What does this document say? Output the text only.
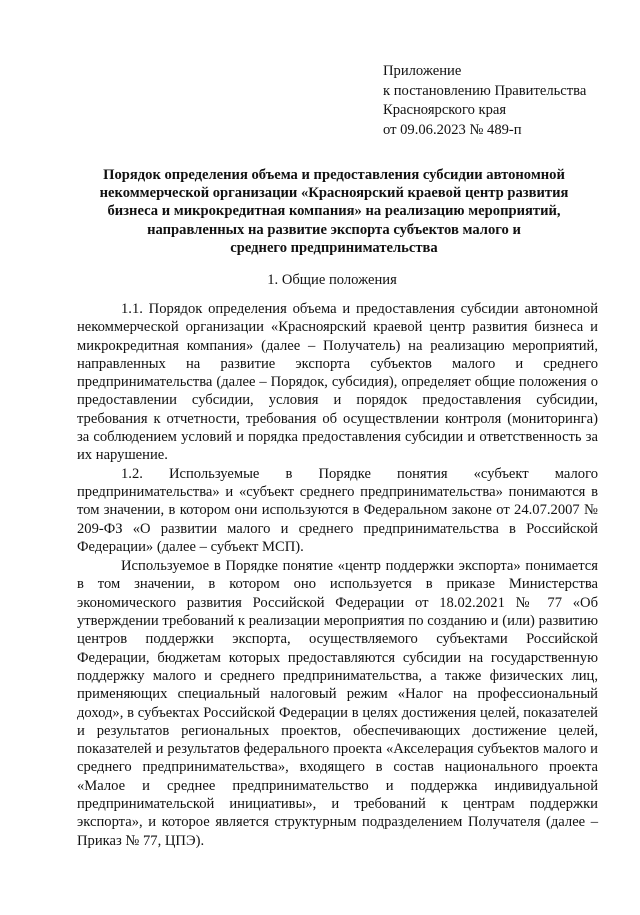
Приложение
к постановлению Правительства
Красноярского края
от 09.06.2023 № 489-п
Порядок определения объема и предоставления субсидии автономной
некоммерческой организации «Красноярский краевой центр развития
бизнеса и микрокредитная компания» на реализацию мероприятий,
направленных на развитие экспорта субъектов малого и
среднего предпринимательства
1. Общие положения

1.1. Порядок определения объема и предоставления субсидии автономной некоммерческой организации «Красноярский краевой центр развития бизнеса и микрокредитная компания» (далее – Получатель) на реализацию мероприятий, направленных на развитие экспорта субъектов малого и среднего предпринимательства (далее – Порядок, субсидия), определяет общие положения о предоставлении субсидии, условия и порядок предоставления субсидии, требования к отчетности, требования об осуществлении контроля (мониторинга) за соблюдением условий и порядка предоставления субсидии и ответственность за их нарушение.

1.2. Используемые в Порядке понятия «субъект малого предпринимательства» и «субъект среднего предпринимательства» понимаются в том значении, в котором они используются в Федеральном законе от 24.07.2007 № 209-ФЗ «О развитии малого и среднего предпринимательства в Российской Федерации» (далее – субъект МСП).

Используемое в Порядке понятие «центр поддержки экспорта» понимается в том значении, в котором оно используется в приказе Министерства экономического развития Российской Федерации от 18.02.2021 № 77 «Об утверждении требований к реализации мероприятия по созданию и (или) развитию центров поддержки экспорта, осуществляемого субъектами Российской Федерации, бюджетам которых предоставляются субсидии на государственную поддержку малого и среднего предпринимательства, а также физических лиц, применяющих специальный налоговый режим «Налог на профессиональный доход», в субъектах Российской Федерации в целях достижения целей, показателей и результатов региональных проектов, обеспечивающих достижение целей, показателей и результатов федерального проекта «Акселерация субъектов малого и среднего предпринимательства», входящего в состав национального проекта «Малое и среднее предпринимательство и поддержка индивидуальной предпринимательской инициативы», и требований к центрам поддержки экспорта», и которое является структурным подразделением Получателя (далее – Приказ № 77, ЦПЭ).
